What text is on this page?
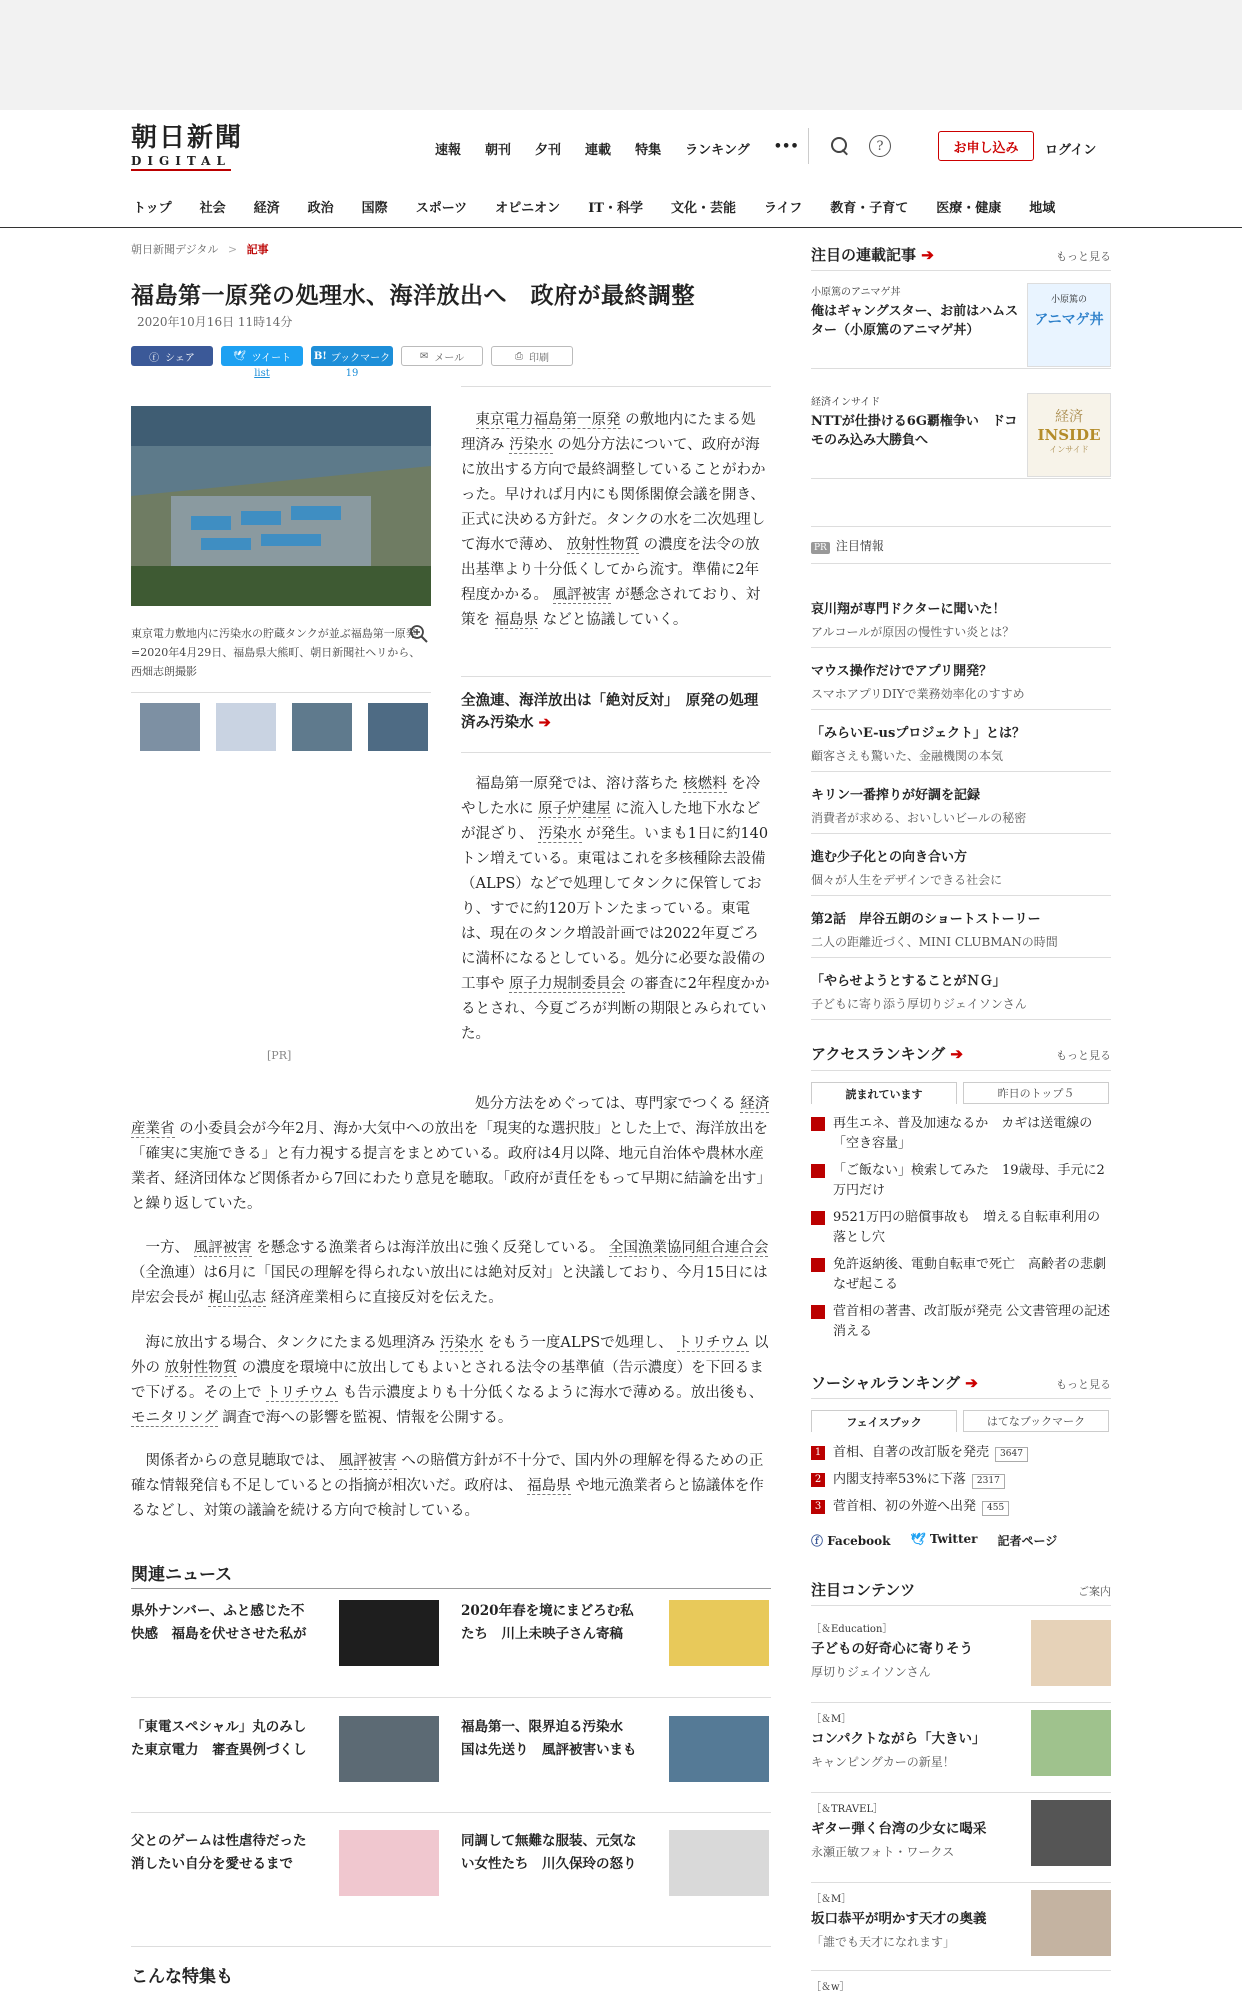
朝日新聞
DIGITAL
速報 朝刊 夕刊 連載 特集 ランキング •••	?	お申し込み	ログイン
トップ 社会 経済 政治 国際 スポーツ オピニオン IT・科学 文化・芸能 ライフ 教育・子育て 医療・健康 地域
朝日新聞デジタル > 記事
福島第一原発の処理水、海洋放出へ　政府が最終調整
2020年10月16日 11時14分
ⓕ シェア	🕊 ツイート
list
B! ブックマーク
19
✉ メール	⎙ 印刷
東京電力敷地内に汚染水の貯蔵タンクが並ぶ福島第一原発=2020年4月29日、福島県大熊町、朝日新聞社ヘリから、西畑志朗撮影
[PR]

東京電力福島第一原発 の敷地内にたまる処理済み 汚染水 の処分方法について、政府が海に放出する方向で最終調整していることがわかった。早ければ月内にも関係閣僚会議を開き、正式に決める方針だ。タンクの水を二次処理して海水で薄め、 放射性物質 の濃度を法令の放出基準より十分低くしてから流す。準備に2年程度かかる。 風評被害 が懸念されており、対策を 福島県 などと協議していく。

全漁連、海洋放出は「絶対反対」　原発の処理済み汚染水 ➔

福島第一原発では、溶け落ちた 核燃料 を冷やした水に 原子炉建屋 に流入した地下水などが混ざり、 汚染水 が発生。いまも1日に約140トン増えている。東電はこれを多核種除去設備（ALPS）などで処理してタンクに保管しており、すでに約120万トンたまっている。東電は、現在のタンク増設計画では2022年夏ごろに満杯になるとしている。処分に必要な設備の工事や 原子力規制委員会 の審査に2年程度かかるとされ、今夏ごろが判断の期限とみられていた。

処分方法をめぐっては、専門家でつくる 経済産業省 の小委員会が今年2月、海か大気中への放出を「現実的な選択肢」とした上で、海洋放出を「確実に実施できる」と有力視する提言をまとめている。政府は4月以降、地元自治体や農林水産業者、経済団体など関係者から7回にわたり意見を聴取。「政府が責任をもって早期に結論を出す」と繰り返していた。

一方、 風評被害 を懸念する漁業者らは海洋放出に強く反発している。 全国漁業協同組合連合会 （全漁連）は6月に「国民の理解を得られない放出には絶対反対」と決議しており、今月15日には岸宏会長が 梶山弘志 経済産業相らに直接反対を伝えた。

海に放出する場合、タンクにたまる処理済み 汚染水 をもう一度ALPSで処理し、 トリチウム 以外の 放射性物質 の濃度を環境中に放出してもよいとされる法令の基準値（告示濃度）を下回るまで下げる。その上で トリチウム も告示濃度よりも十分低くなるように海水で薄める。放出後も、 モニタリング 調査で海への影響を監視、情報を公開する。

関係者からの意見聴取では、 風評被害 への賠償方針が不十分で、国内外の理解を得るための正確な情報発信も不足しているとの指摘が相次いだ。政府は、 福島県 や地元漁業者らと協議体を作るなどし、対策の議論を続ける方向で検討している。

関連ニュース
県外ナンバー、ふと感じた不快感　福島を伏せさせた私が
2020年春を境にまどろむ私たち　川上未映子さん寄稿
「東電スペシャル」丸のみした東京電力　審査異例づくし
福島第一、限界迫る汚染水　国は先送り　風評被害いまも
父とのゲームは性虐待だった　消したい自分を愛せるまで
同調して無難な服装、元気ない女性たち　川久保玲の怒り
こんな特集も
注目の連載記事 ➔	もっと見る
小原篤のアニマゲ丼
俺はギャングスター、お前はハムスター（小原篤のアニマゲ丼）
小原篤の
アニマゲ丼
経済インサイド
NTTが仕掛ける6G覇権争い　ドコモのみ込み大勝負へ
経済
INSIDE
インサイド
PR 注目情報
哀川翔が専門ドクターに聞いた！
アルコールが原因の慢性すい炎とは？
マウス操作だけでアプリ開発？
スマホアプリDIYで業務効率化のすすめ
「みらいE-usプロジェクト」とは？
顧客さえも驚いた、金融機関の本気
キリン一番搾りが好調を記録
消費者が求める、おいしいビールの秘密
進む少子化との向き合い方
個々が人生をデザインできる社会に
第2話　岸谷五朗のショートストーリー
二人の距離近づく、MINI CLUBMANの時間
「やらせようとすることがＮＧ」
子どもに寄り添う厚切りジェイソンさん
アクセスランキング ➔	もっと見る
読まれています	昨日のトップ５
再生エネ、普及加速なるか　カギは送電線の「空き容量」
「ご飯ない」検索してみた　19歳母、手元に2万円だけ
9521万円の賠償事故も　増える自転車利用の落とし穴
免許返納後、電動自転車で死亡　高齢者の悲劇なぜ起こる
菅首相の著書、改訂版が発売 公文書管理の記述消える
ソーシャルランキング ➔	もっと見る
フェイスブック	はてなブックマーク
1 首相、自著の改訂版を発売 3647
2 内閣支持率53%に下落 2317
3 菅首相、初の外遊へ出発 455
ⓕ Facebook 🕊 Twitter 記者ページ
注目コンテンツ	ご案内
［＆Education］
子どもの好奇心に寄りそう
厚切りジェイソンさん
［＆M］
コンパクトながら「大きい」
キャンピングカーの新星！
［＆TRAVEL］
ギター弾く台湾の少女に喝采
永瀬正敏フォト・ワークス
［＆M］
坂口恭平が明かす天才の奥義
「誰でも天才になれます」
［＆w］
